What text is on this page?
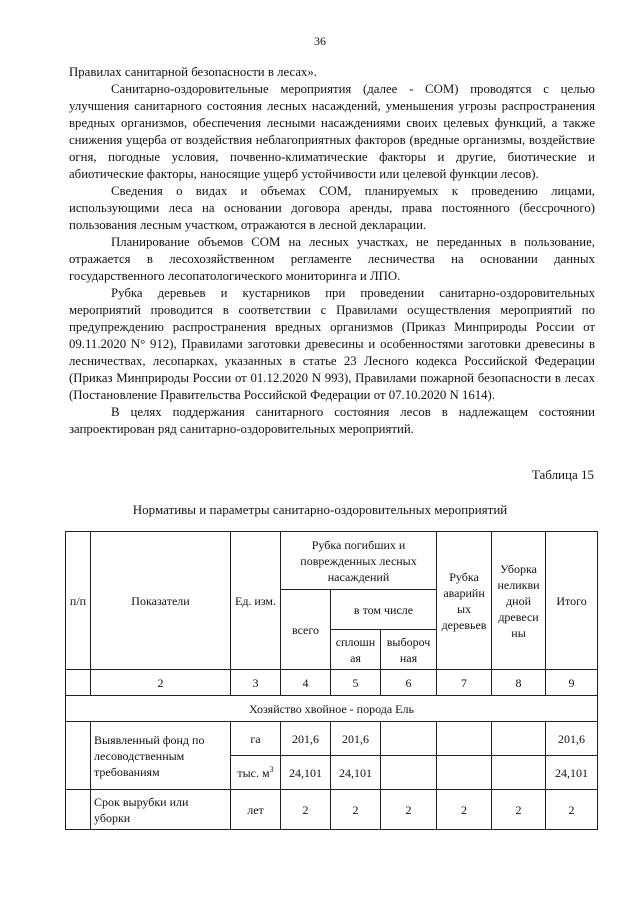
36

Правилах санитарной безопасности в лесах».

Санитарно-оздоровительные мероприятия (далее - СОМ) проводятся с целью улучшения санитарного состояния лесных насаждений, уменьшения угрозы распространения вредных организмов, обеспечения лесными насаждениями своих целевых функций, а также снижения ущерба от воздействия неблагоприятных факторов (вредные организмы, воздействие огня, погодные условия, почвенно-климатические факторы и другие, биотические и абиотические факторы, наносящие ущерб устойчивости или целевой функции лесов).

Сведения о видах и объемах СОМ, планируемых к проведению лицами, использующими леса на основании договора аренды, права постоянного (бессрочного) пользования лесным участком, отражаются в лесной декларации.

Планирование объемов СОМ на лесных участках, не переданных в пользование, отражается в лесохозяйственном регламенте лесничества на основании данных государственного лесопатологического мониторинга и ЛПО.

Рубка деревьев и кустарников при проведении санитарно-оздоровительных мероприятий проводится в соответствии с Правилами осуществления мероприятий по предупреждению распространения вредных организмов (Приказ Минприроды России от 09.11.2020 N° 912), Правилами заготовки древесины и особенностями заготовки древесины в лесничествах, лесопарках, указанных в статье 23 Лесного кодекса Российской Федерации (Приказ Минприроды России от 01.12.2020 N 993), Правилами пожарной безопасности в лесах (Постановление Правительства Российской Федерации от 07.10.2020 N 1614).

В целях поддержания санитарного состояния лесов в надлежащем состоянии запроектирован ряд санитарно-оздоровительных мероприятий.

Таблица 15
Нормативы и параметры санитарно-оздоровительных мероприятий
п/п	Показатели	Ед. изм.	Рубка погибших и поврежденных лесных насаждений			Рубка аварийн ых деревьев	Уборка неликви дной древеси ны	Итого
			всего	в том числе				
				сплошн ая	выбороч ная			
	2	3	4	5	6	7	8	9
Хозяйство хвойное - порода Ель								
	Выявленный фонд по лесоводственным требованиям	га	201,6	201,6				201,6
		тыс. $м^3$	24,101	24,101				24,101
	Срок вырубки или уборки	лет	2	2	2	2	2	2
